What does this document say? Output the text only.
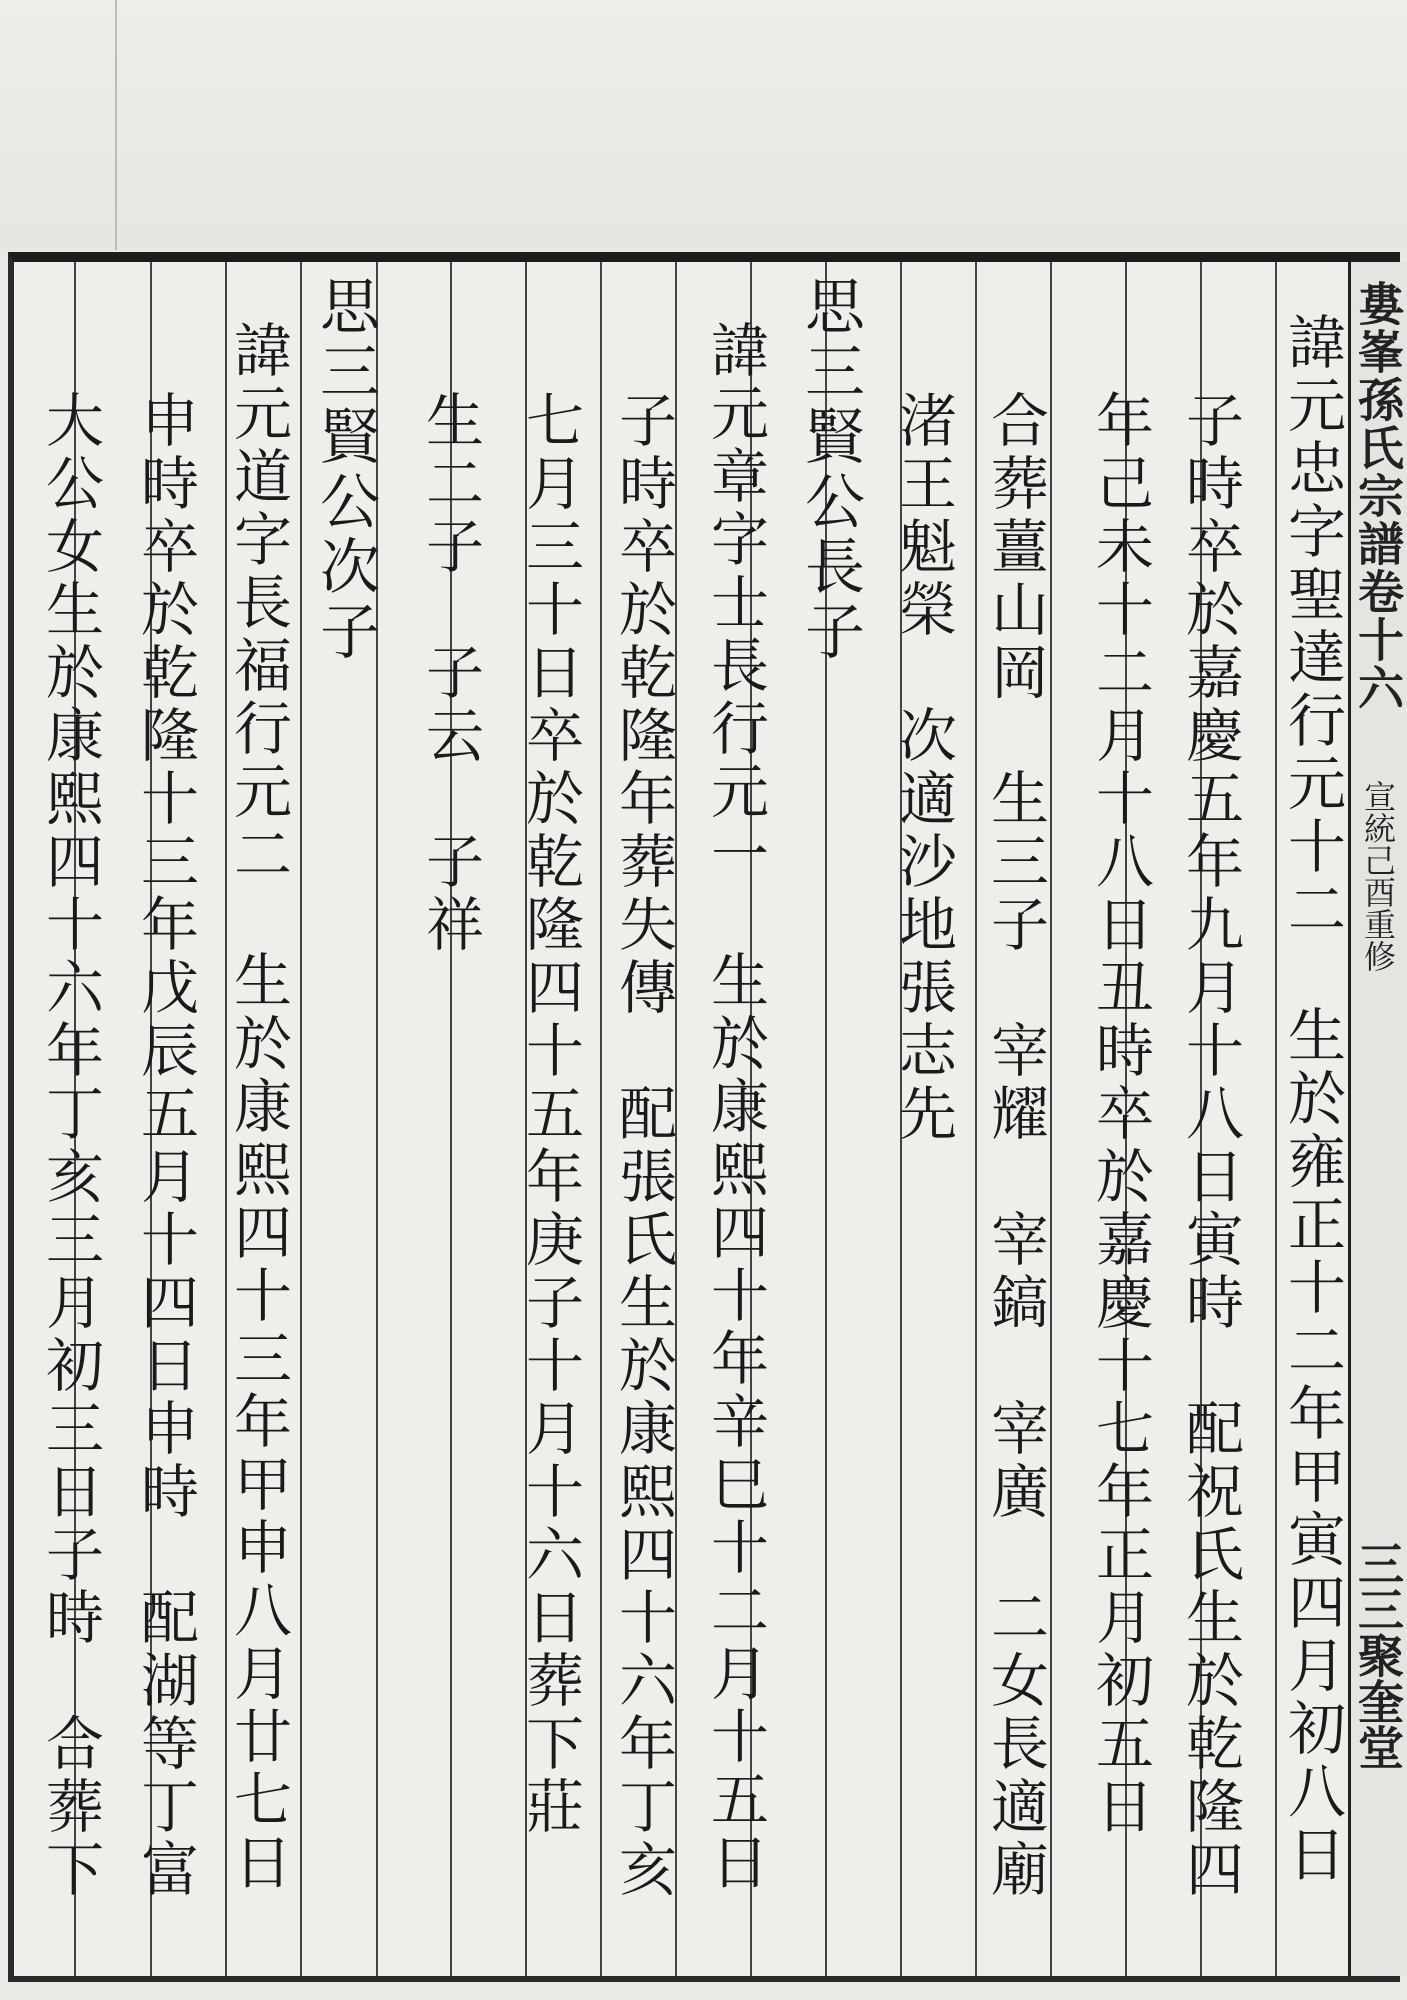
婁峯孫氏宗譜卷十六
宣統己酉重修
三三聚奎堂
諱元忠字聖達行元十二　生於雍正十二年甲寅四月初八日
子時卒於嘉慶五年九月十八日寅時　配祝氏生於乾隆四
年己未十二月十八日丑時卒於嘉慶十七年正月初五日
合葬薑山岡　生三子　宰耀　宰鎬　宰廣　二女長適廟
渚王魁榮　次適沙地張志先
思三賢公長子
諱元章字士長行元一　生於康熙四十年辛巳十二月十五日
子時卒於乾隆年葬失傳　配張氏生於康熙四十六年丁亥
七月三十日卒於乾隆四十五年庚子十月十六日葬下莊
生二子　子云　子祥
思三賢公次子
諱元道字長福行元二　生於康熙四十三年甲申八月廿七日
申時卒於乾隆十三年戊辰五月十四日申時　配湖等丁富
大公女生於康熙四十六年丁亥三月初三日子時　合葬下
